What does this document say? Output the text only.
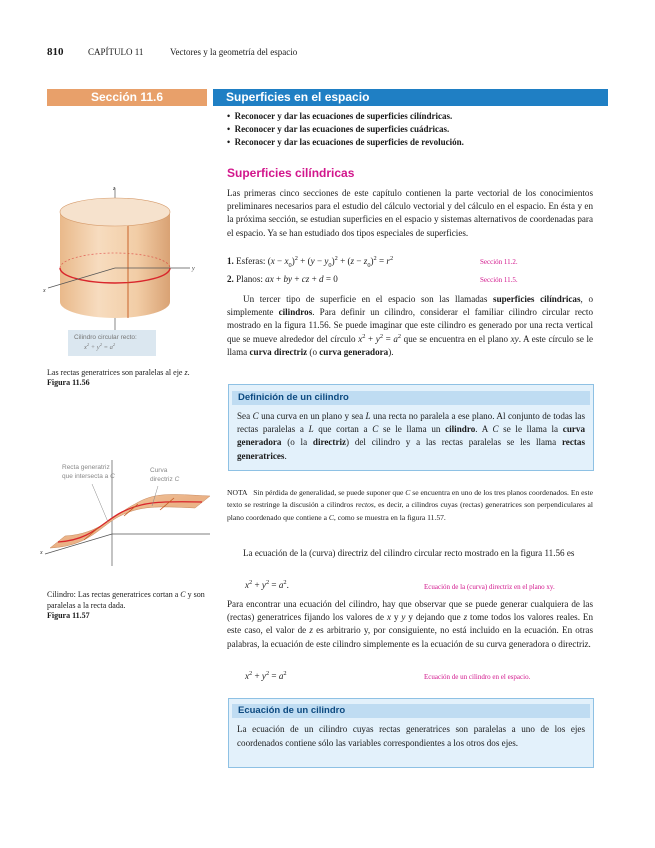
810	CAPÍTULO 11	Vectores y la geometría del espacio
Sección 11.6	Superficies en el espacio
•  Reconocer y dar las ecuaciones de superficies cilíndricas.
•  Reconocer y dar las ecuaciones de superficies cuádricas.
•  Reconocer y dar las ecuaciones de superficies de revolución.
Superficies cilíndricas

Las primeras cinco secciones de este capítulo contienen la parte vectorial de los conocimientos preliminares necesarios para el estudio del cálculo vectorial y del cálculo en el espacio. En ésta y en la próxima sección, se estudian superficies en el espacio y sistemas alternativos de coordenadas para el espacio. Ya se han estudiado dos tipos especiales de superficies.

1. Esferas: $(x - x_0)^2 + (y - y_0)^2 + (z - z_0)^2 = r^2$	Sección 11.2.
2. Planos: ax + by + cz + d = 0	Sección 11.5.

Un tercer tipo de superficie en el espacio son las llamadas superficies cilíndricas, o simplemente cilindros. Para definir un cilindro, considerar el familiar cilindro circular recto mostrado en la figura 11.56. Se puede imaginar que este cilindro es generado por una recta vertical que se mueve alrededor del círculo $x^2 + y^2 = a^2$ que se encuentra en el plano xy. A este círculo se le llama curva directriz (o curva generadora).

Definición de un cilindro

Sea C una curva en un plano y sea L una recta no paralela a ese plano. Al conjunto de todas las rectas paralelas a L que cortan a C se le llama un cilindro. A C se le llama la curva generadora (o la directriz) del cilindro y a las rectas paralelas se les llama rectas generatrices.

NOTA Sin pérdida de generalidad, se puede suponer que C se encuentra en uno de los tres planos coordenados. En este texto se restringe la discusión a cilindros rectos, es decir, a cilindros cuyas (rectas) generatrices son perpendiculares al plano coordenado que contiene a C, como se muestra en la figura 11.57.

La ecuación de la (curva) directriz del cilindro circular recto mostrado en la figura 11.56 es

$x^2 + y^2 = a^2$.	Ecuación de la (curva) directriz en el plano xy.

Para encontrar una ecuación del cilindro, hay que observar que se puede generar cualquiera de las (rectas) generatrices fijando los valores de x y y y dejando que z tome todos los valores reales. En este caso, el valor de z es arbitrario y, por consiguiente, no está incluido en la ecuación. En otras palabras, la ecuación de este cilindro simplemente es la ecuación de su curva generadora o directriz.

$x^2 + y^2 = a^2$	Ecuación de un cilindro en el espacio.
Ecuación de un cilindro

La ecuación de un cilindro cuyas rectas generatrices son paralelas a uno de los ejes coordenados contiene sólo las variables correspondientes a los otros dos ejes.

z
y
x
Cilindro circular recto:
$x^2 + y^2 = a^2$
Las rectas generatrices son paralelas al eje z.
Figura 11.56
x
Recta generatriz que intersecta a C
Curva
directriz C
Cilindro: Las rectas generatrices cortan a C y son paralelas a la recta dada.
Figura 11.57
